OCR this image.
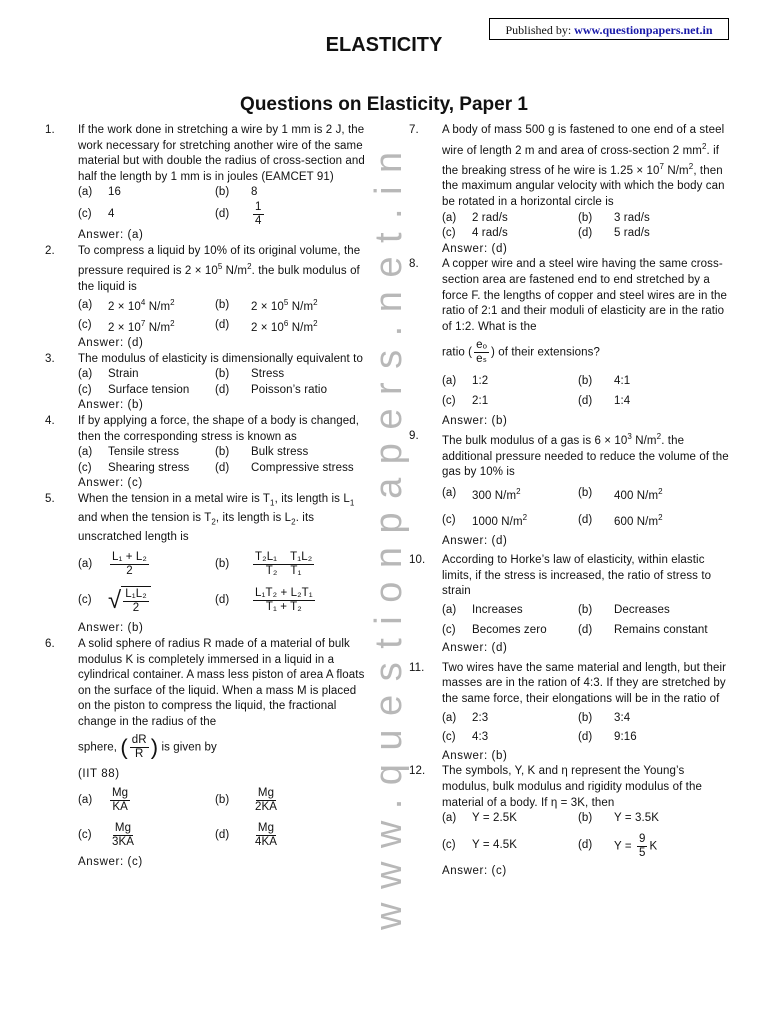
Published by: www.questionpapers.net.in
ELASTICITY
Questions on Elasticity, Paper 1
www.questionpapers.net.in
1. If the work done in stretching a wire by 1 mm is 2 J, the work necessary for stretching another wire of the same material but with double the radius of cross-section and half the length by 1 mm is in joules (EAMCET 91)
(a)	16	(b)	8
(c)	4	(d)	$\frac{1}{4}$
Answer: (a)
2. To compress a liquid by 10% of its original volume, the pressure required is $2 \times 10^5$ $N/m^2$. the bulk modulus of the liquid is
(a)	$2 \times 10^4$ $N/m^2$	(b)	$2 \times 10^5$ $N/m^2$
(c)	$2 \times 10^7$ $N/m^2$	(d)	$2 \times 10^6$ $N/m^2$
Answer: (d)
3. The modulus of elasticity is dimensionally equivalent to
(a)	Strain	(b)	Stress
(c)	Surface tension	(d)	Poisson’s ratio
Answer: (b)
4. If by applying a force, the shape of a body is changed, then the corresponding stress is known as
(a)	Tensile stress	(b)	Bulk stress
(c)	Shearing stress	(d)	Compressive stress
Answer: (c)
5. When the tension in a metal wire is $T_1$, its length is $L_1$ and when the tension is $T_2$, its length is $L_2$. its unscratched length is
(a)	$\frac{\text{L₁ + L₂}}{2}$	(b)	$\frac{\text{T₂L₁    T₁L₂}}{\text{T₂    T₁}}$
(c) √ $\frac{\text{L₁L₂}}{2}$	(d)	$\frac{\text{L₁T₂ + L₂T₁}}{\text{T₁ + T₂}}$
Answer: (b)
6. A solid sphere of radius R made of a material of bulk modulus K is completely immersed in a liquid in a cylindrical container. A mass less piston of area A floats on the surface of the liquid. When a mass M is placed on the piston to compress the liquid, the fractional change in the radius of the
sphere, ( $\frac{dR}{R}$ ) is given by
(IIT 88)
(a)	$\frac{Mg}{KA}$	(b)	$\frac{Mg}{2KA}$
(c)	$\frac{Mg}{3KA}$	(d)	$\frac{Mg}{4KA}$
Answer: (c)
7. A body of mass 500 g is fastened to one end of a steel wire of length 2 m and area of cross-section 2 $mm^2$. if the breaking stress of he wire is $1.25 \times 10^7$ $N/m^2$, then the maximum angular velocity with which the body can be rotated in a horizontal circle is
(a)	2 rad/s	(b)	3 rad/s
(c)	4 rad/s	(d)	5 rad/s
Answer: (d)
8. A copper wire and a steel wire having the same cross-section area are fastened end to end stretched by a force F. the lengths of copper and steel wires are in the ratio of 2:1 and their moduli of elasticity are in the ratio of 1:2. What is the
ratio ( $\frac{\text{eₒ}}{\text{eₛ}}$ ) of their extensions?
(a)	1:2	(b)	4:1
(c)	2:1	(d)	1:4
Answer: (b)
9. The bulk modulus of a gas is $6 \times 10^3$ $N/m^2$. the additional pressure needed to reduce the volume of the gas by 10% is
(a)	300 $N/m^2$	(b)	400 $N/m^2$
(c)	1000 $N/m^2$	(d)	600 $N/m^2$
Answer: (d)
10. According to Horke’s law of elasticity, within elastic limits, if the stress is increased, the ratio of stress to strain
(a)	Increases	(b)	Decreases
(c)	Becomes zero	(d)	Remains constant
Answer: (d)
11. Two wires have the same material and length, but their masses are in the ration of 4:3. If they are stretched by the same force, their elongations will be in the ratio of
(a)	2:3	(b)	3:4
(c)	4:3	(d)	9:16
Answer: (b)
12. The symbols, Y, K and η represent the Young’s modulus, bulk modulus and rigidity modulus of the material of a body. If η = 3K, then
(a)	Y = 2.5K	(b)	Y = 3.5K
(c)	Y = 4.5K	(d)	$Y = \frac{9}{5}$ K
Answer: (c)
